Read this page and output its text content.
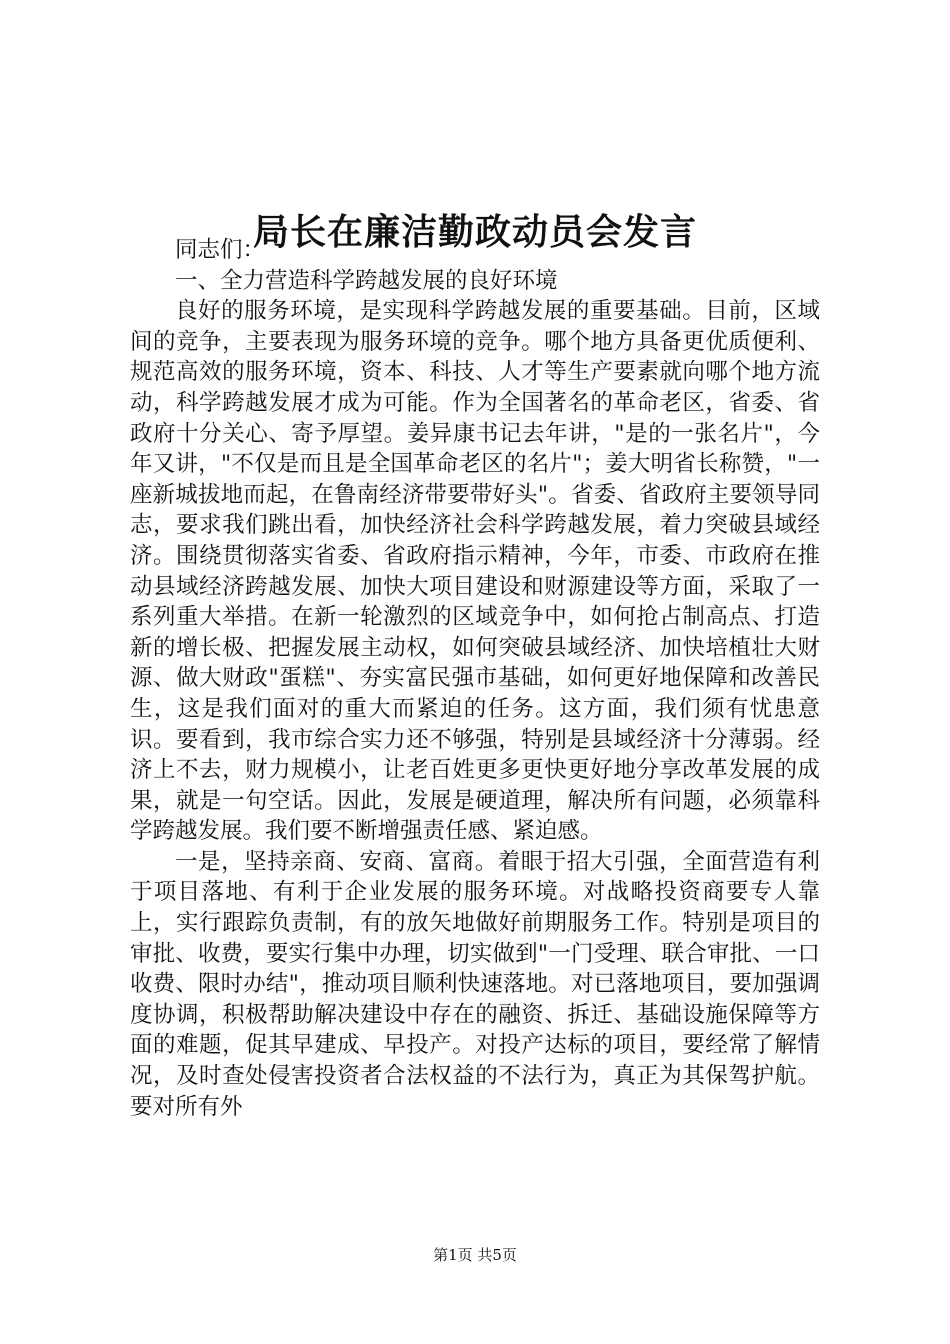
局长在廉洁勤政动员会发言

同志们：

一、全力营造科学跨越发展的良好环境

良好的服务环境，是实现科学跨越发展的重要基础。目前，区域间的竞争，主要表现为服务环境的竞争。哪个地方具备更优质便利、规范高效的服务环境，资本、科技、人才等生产要素就向哪个地方流动，科学跨越发展才成为可能。作为全国著名的革命老区，省委、省政府十分关心、寄予厚望。姜异康书记去年讲，"是的一张名片"，今年又讲，"不仅是而且是全国革命老区的名片"；姜大明省长称赞，"一座新城拔地而起，在鲁南经济带要带好头"。省委、省政府主要领导同志，要求我们跳出看，加快经济社会科学跨越发展，着力突破县域经济。围绕贯彻落实省委、省政府指示精神，今年，市委、市政府在推动县域经济跨越发展、加快大项目建设和财源建设等方面，采取了一系列重大举措。在新一轮激烈的区域竞争中，如何抢占制高点、打造新的增长极、把握发展主动权，如何突破县域经济、加快培植壮大财源、做大财政"蛋糕"、夯实富民强市基础，如何更好地保障和改善民生，这是我们面对的重大而紧迫的任务。这方面，我们须有忧患意识。要看到，我市综合实力还不够强，特别是县域经济十分薄弱。经济上不去，财力规模小，让老百姓更多更快更好地分享改革发展的成果，就是一句空话。因此，发展是硬道理，解决所有问题，必须靠科学跨越发展。我们要不断增强责任感、紧迫感。

一是，坚持亲商、安商、富商。着眼于招大引强，全面营造有利于项目落地、有利于企业发展的服务环境。对战略投资商要专人靠上，实行跟踪负责制，有的放矢地做好前期服务工作。特别是项目的审批、收费，要实行集中办理，切实做到"一门受理、联合审批、一口收费、限时办结"，推动项目顺利快速落地。对已落地项目，要加强调度协调，积极帮助解决建设中存在的融资、拆迁、基础设施保障等方面的难题，促其早建成、早投产。对投产达标的项目，要经常了解情况，及时查处侵害投资者合法权益的不法行为，真正为其保驾护航。要对所有外

第1页 共5页
